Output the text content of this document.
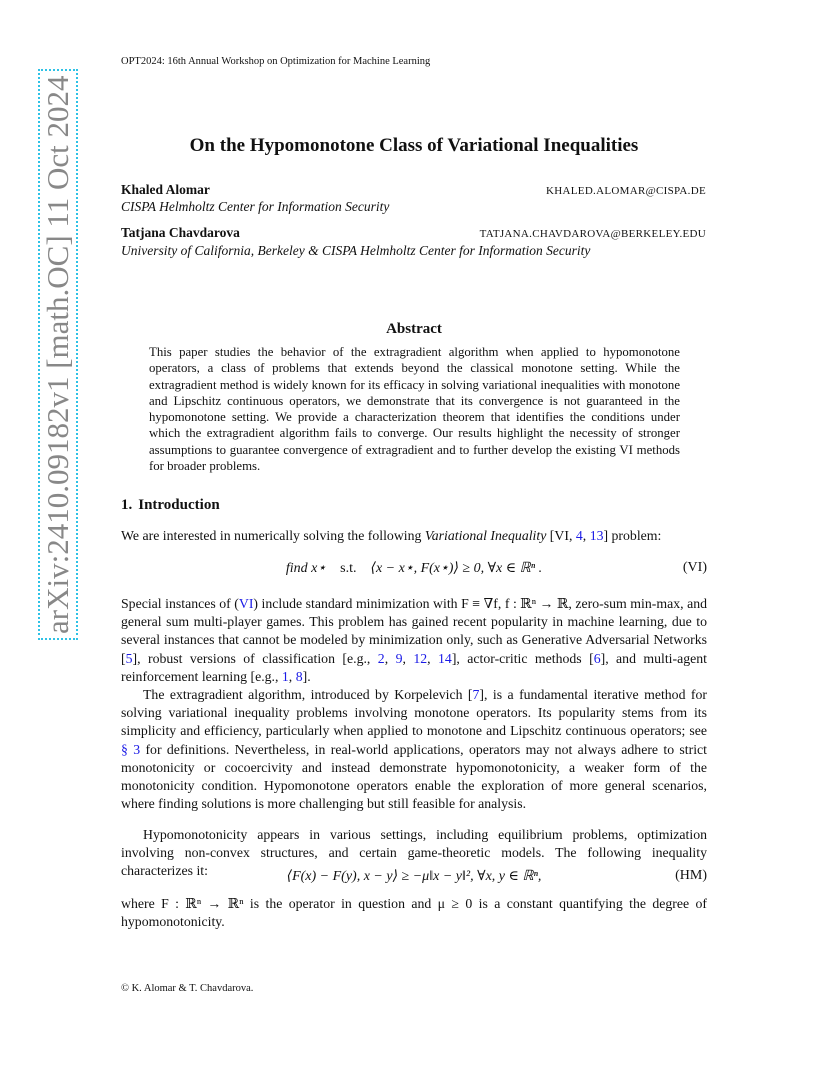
OPT2024: 16th Annual Workshop on Optimization for Machine Learning
On the Hypomonotone Class of Variational Inequalities
Khaled Alomar	KHALED.ALOMAR@CISPA.DE
CISPA Helmholtz Center for Information Security
Tatjana Chavdarova	TATJANA.CHAVDAROVA@BERKELEY.EDU
University of California, Berkeley & CISPA Helmholtz Center for Information Security
Abstract
This paper studies the behavior of the extragradient algorithm when applied to hypomonotone operators, a class of problems that extends beyond the classical monotone setting. While the extragradient method is widely known for its efficacy in solving variational inequalities with monotone and Lipschitz continuous operators, we demonstrate that its convergence is not guaranteed in the hypomonotone setting. We provide a characterization theorem that identifies the conditions under which the extragradient algorithm fails to converge. Our results highlight the necessity of stronger assumptions to guarantee convergence of extragradient and to further develop the existing VI methods for broader problems.
1. Introduction
We are interested in numerically solving the following Variational Inequality [VI, 4, 13] problem:
find x⋆ s.t. ⟨x − x⋆, F(x⋆)⟩ ≥ 0, ∀x ∈ ℝⁿ .	(VI)
Special instances of (VI) include standard minimization with F ≡ ∇f, f : ℝⁿ → ℝ, zero-sum min-max, and general sum multi-player games. This problem has gained recent popularity in machine learning, due to several instances that cannot be modeled by minimization only, such as Generative Adversarial Networks [5], robust versions of classification [e.g., 2, 9, 12, 14], actor-critic methods [6], and multi-agent reinforcement learning [e.g., 1, 8].
The extragradient algorithm, introduced by Korpelevich [7], is a fundamental iterative method for solving variational inequality problems involving monotone operators. Its popularity stems from its simplicity and efficiency, particularly when applied to monotone and Lipschitz continuous operators; see § 3 for definitions. Nevertheless, in real-world applications, operators may not always adhere to strict monotonicity or cocoercivity and instead demonstrate hypomonotonicity, a weaker form of the monotonicity condition. Hypomonotone operators enable the exploration of more general scenarios, where finding solutions is more challenging but still feasible for analysis.
Hypomonotonicity appears in various settings, including equilibrium problems, optimization involving non-convex structures, and certain game-theoretic models. The following inequality characterizes it:	⟨F(x) − F(y), x − y⟩ ≥ −μ‖x − y‖², ∀x, y ∈ ℝⁿ,	(HM)
where F : ℝⁿ → ℝⁿ is the operator in question and μ ≥ 0 is a constant quantifying the degree of hypomonotonicity.
© K. Alomar & T. Chavdarova.
arXiv:2410.09182v1 [math.OC] 11 Oct 2024
